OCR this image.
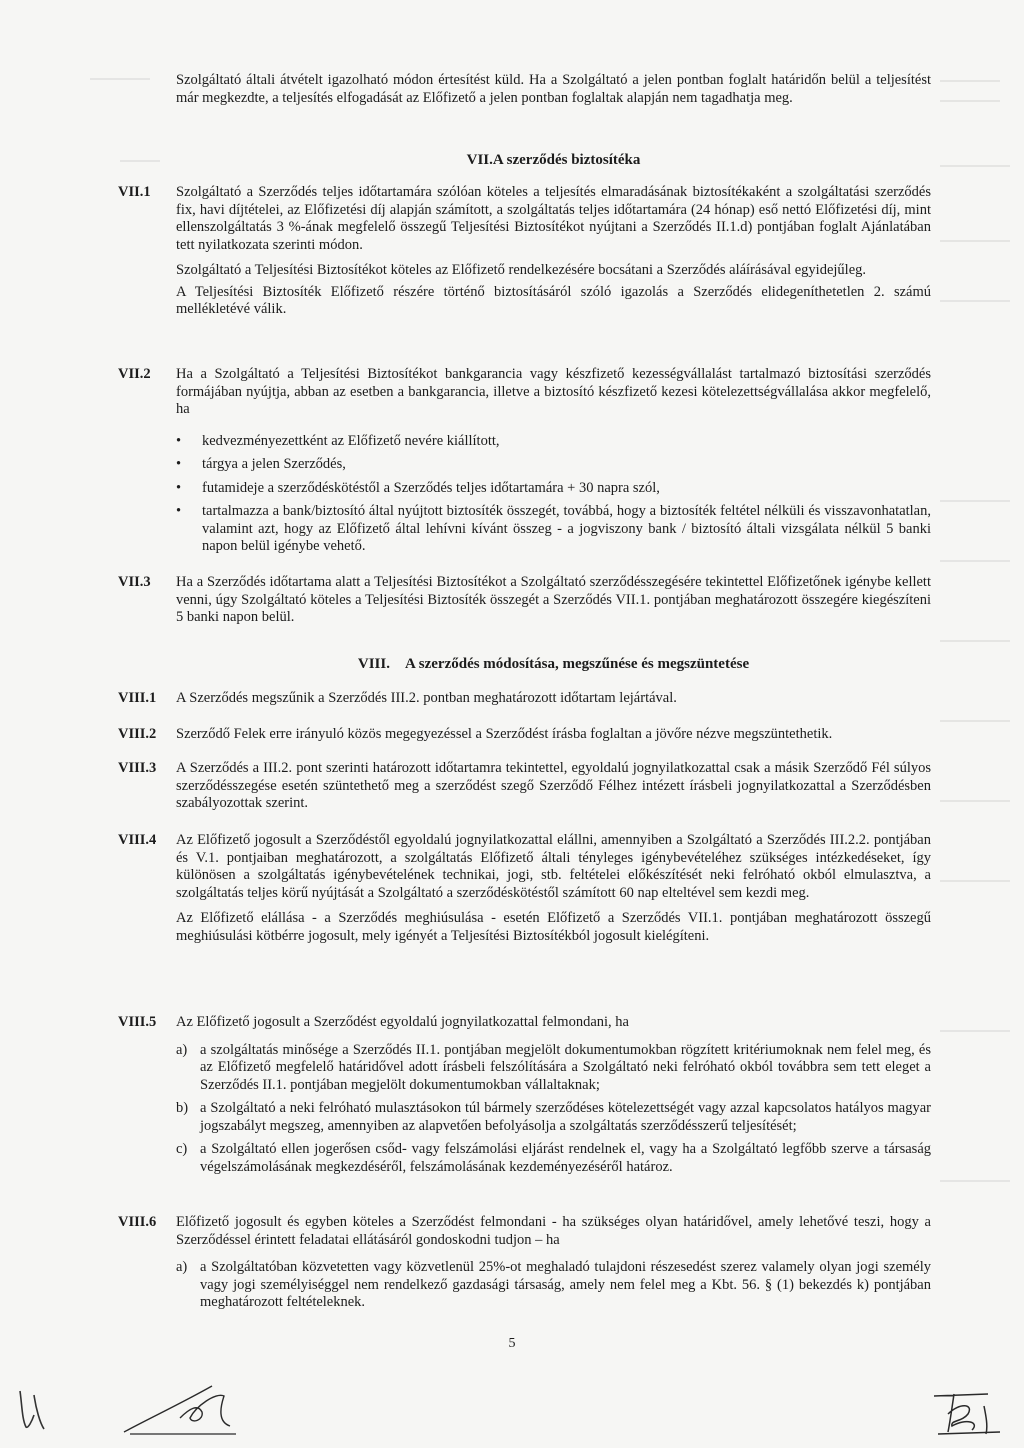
Szolgáltató általi átvételt igazolható módon értesítést küld. Ha a Szolgáltató a jelen pontban foglalt határidőn belül a teljesítést már megkezdte, a teljesítés elfogadását az Előfizető a jelen pontban foglaltak alapján nem tagadhatja meg.
VII.A szerződés biztosítéka
VII.1 Szolgáltató a Szerződés teljes időtartamára szólóan köteles a teljesítés elmaradásának biztosítékaként a szolgáltatási szerződés fix, havi díjtételei, az Előfizetési díj alapján számított, a szolgáltatás teljes időtartamára (24 hónap) eső nettó Előfizetési díj, mint ellenszolgáltatás 3 %-ának megfelelő összegű Teljesítési Biztosítékot nyújtani a Szerződés II.1.d) pontjában foglalt Ajánlatában tett nyilatkozata szerinti módon.

Szolgáltató a Teljesítési Biztosítékot köteles az Előfizető rendelkezésére bocsátani a Szerződés aláírásával egyidejűleg.

A Teljesítési Biztosíték Előfizető részére történő biztosításáról szóló igazolás a Szerződés elidegeníthetetlen 2. számú mellékletévé válik.

VII.2 Ha a Szolgáltató a Teljesítési Biztosítékot bankgarancia vagy készfizető kezességvállalást tartalmazó biztosítási szerződés formájában nyújtja, abban az esetben a bankgarancia, illetve a biztosító készfizető kezesi kötelezettségvállalása akkor megfelelő, ha

• kedvezményezettként az Előfizető nevére kiállított,
• tárgya a jelen Szerződés,
• futamideje a szerződéskötéstől a Szerződés teljes időtartamára + 30 napra szól,
• tartalmazza a bank/biztosító által nyújtott biztosíték összegét, továbbá, hogy a biztosíték feltétel nélküli és visszavonhatatlan, valamint azt, hogy az Előfizető által lehívni kívánt összeg - a jogviszony bank / biztosító általi vizsgálata nélkül 5 banki napon belül igénybe vehető.
VII.3 Ha a Szerződés időtartama alatt a Teljesítési Biztosítékot a Szolgáltató szerződésszegésére tekintettel Előfizetőnek igénybe kellett venni, úgy Szolgáltató köteles a Teljesítési Biztosíték összegét a Szerződés VII.1. pontjában meghatározott összegére kiegészíteni 5 banki napon belül.
VIII. A szerződés módosítása, megszűnése és megszüntetése
VIII.1 A Szerződés megszűnik a Szerződés III.2. pontban meghatározott időtartam lejártával.
VIII.2 Szerződő Felek erre irányuló közös megegyezéssel a Szerződést írásba foglaltan a jövőre nézve megszüntethetik.
VIII.3 A Szerződés a III.2. pont szerinti határozott időtartamra tekintettel, egyoldalú jognyilatkozattal csak a másik Szerződő Fél súlyos szerződésszegése esetén szüntethető meg a szerződést szegő Szerződő Félhez intézett írásbeli jognyilatkozattal a Szerződésben szabályozottak szerint.
VIII.4 Az Előfizető jogosult a Szerződéstől egyoldalú jognyilatkozattal elállni, amennyiben a Szolgáltató a Szerződés III.2.2. pontjában és V.1. pontjaiban meghatározott, a szolgáltatás Előfizető általi tényleges igénybevételéhez szükséges intézkedéseket, így különösen a szolgáltatás igénybevételének technikai, jogi, stb. feltételei előkészítését neki felróható okból elmulasztva, a szolgáltatás teljes körű nyújtását a Szolgáltató a szerződéskötéstől számított 60 nap elteltével sem kezdi meg.

Az Előfizető elállása - a Szerződés meghiúsulása - esetén Előfizető a Szerződés VII.1. pontjában meghatározott összegű meghiúsulási kötbérre jogosult, mely igényét a Teljesítési Biztosítékból jogosult kielégíteni.

VIII.5 Az Előfizető jogosult a Szerződést egyoldalú jognyilatkozattal felmondani, ha

a) a szolgáltatás minősége a Szerződés II.1. pontjában megjelölt dokumentumokban rögzített kritériumoknak nem felel meg, és az Előfizető megfelelő határidővel adott írásbeli felszólítására a Szolgáltató neki felróható okból továbbra sem tett eleget a Szerződés II.1. pontjában megjelölt dokumentumokban vállaltaknak;
b) a Szolgáltató a neki felróható mulasztásokon túl bármely szerződéses kötelezettségét vagy azzal kapcsolatos hatályos magyar jogszabályt megszeg, amennyiben az alapvetően befolyásolja a szolgáltatás szerződésszerű teljesítését;
c) a Szolgáltató ellen jogerősen csőd- vagy felszámolási eljárást rendelnek el, vagy ha a Szolgáltató legfőbb szerve a társaság végelszámolásának megkezdéséről, felszámolásának kezdeményezéséről határoz.
VIII.6 Előfizető jogosult és egyben köteles a Szerződést felmondani - ha szükséges olyan határidővel, amely lehetővé teszi, hogy a Szerződéssel érintett feladatai ellátásáról gondoskodni tudjon – ha

a) a Szolgáltatóban közvetetten vagy közvetlenül 25%-ot meghaladó tulajdoni részesedést szerez valamely olyan jogi személy vagy jogi személyiséggel nem rendelkező gazdasági társaság, amely nem felel meg a Kbt. 56. § (1) bekezdés k) pontjában meghatározott feltételeknek.
5
